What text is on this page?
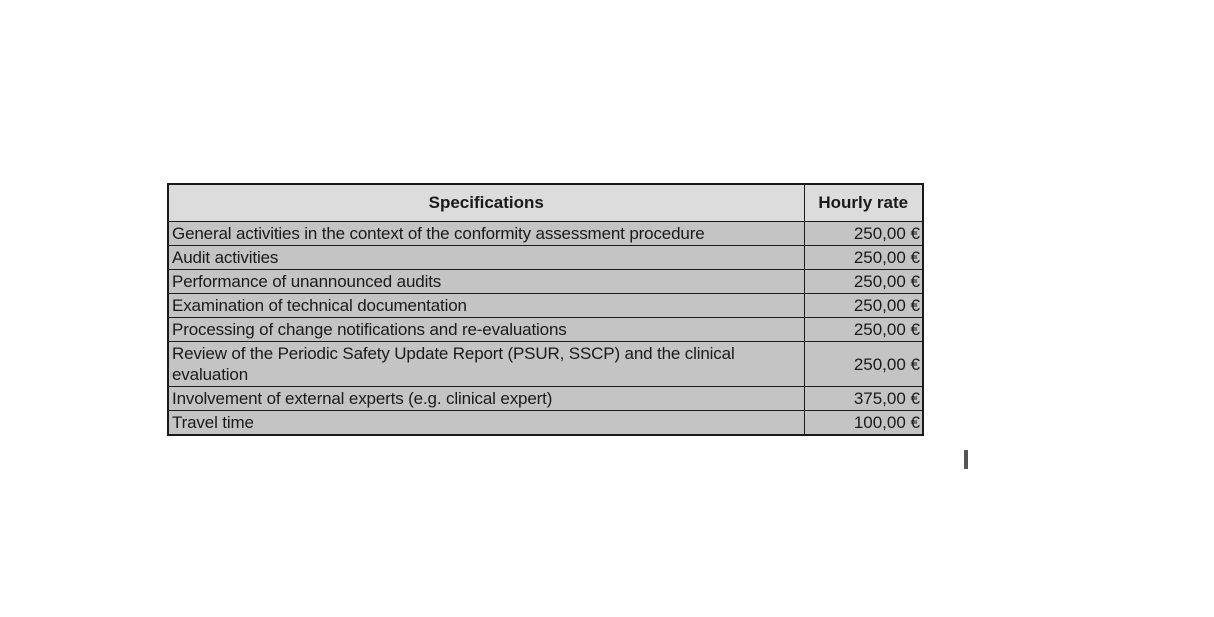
Specifications	Hourly rate
General activities in the context of the conformity assessment procedure	250,00 €
Audit activities	250,00 €
Performance of unannounced audits	250,00 €
Examination of technical documentation	250,00 €
Processing of change notifications and re-evaluations	250,00 €
Review of the Periodic Safety Update Report (PSUR, SSCP) and the clinical evaluation	250,00 €
Involvement of external experts (e.g. clinical expert)	375,00 €
Travel time	100,00 €
